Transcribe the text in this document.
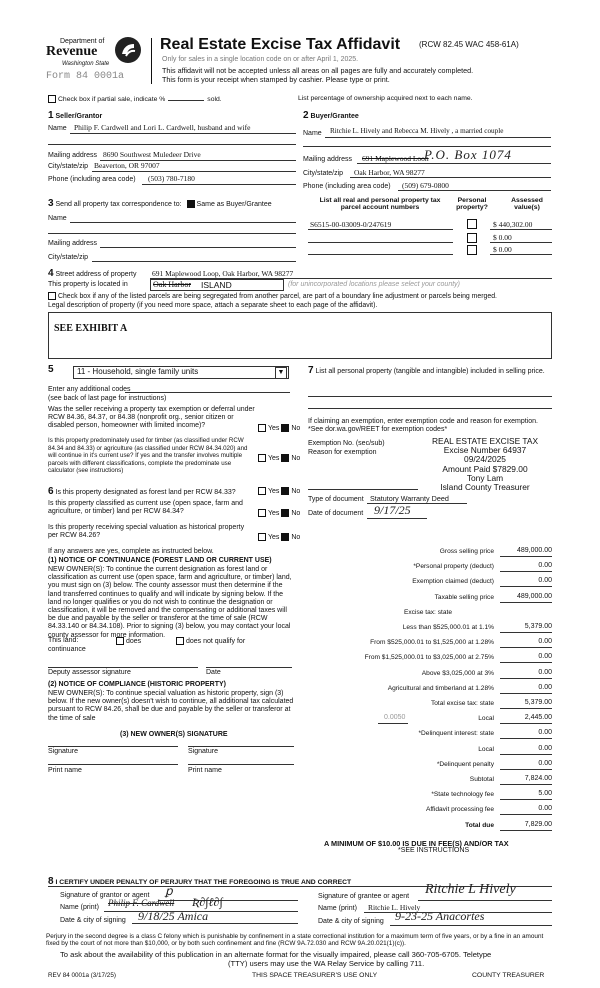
Department of
Revenue
Washington State
Form 84 0001a
Real Estate Excise Tax Affidavit (RCW 82.45 WAC 458-61A)
Only for sales in a single location code on or after April 1, 2025.
This affidavit will not be accepted unless all areas on all pages are fully and accurately completed.
This form is your receipt when stamped by cashier. Please type or print.
Check box if partial sale, indicate %	sold.	List percentage of ownership acquired next to each name.
1 Seller/Grantor
Name Philip F. Cardwell and Lori L. Cardwell, husband and wife
Mailing address 8690 Southwest Muledeer Drive
City/state/zip Beaverton, OR 97007
Phone (including area code) (503) 780-7180
2 Buyer/Grantee
Name Ritchie L. Hively and Rebecca M. Hively , a married couple
Mailing address 691 Maplewood Loon
P.O. Box 1074
City/state/zip Oak Harbor, WA 98277
Phone (including area code) (509) 679-0800
3 Send all property tax correspondence to: Same as Buyer/Grantee
Name
Mailing address
City/state/zip
List all real and personal property tax parcel account numbers
Personal property?
Assessed value(s)
S6515-00-03009-0/247619	$ 440,302.00
$ 0.00
$ 0.00
4 Street address of property 691 Maplewood Loop, Oak Harbor, WA 98277
This property is located in	Oak Harbor ISLAND	(for unincorporated locations please select your county)
Check box if any of the listed parcels are being segregated from another parcel, are part of a boundary line adjustment or parcels being merged.
Legal description of property (if you need more space, attach a separate sheet to each page of the affidavit).
SEE EXHIBIT A
5	11 - Household, single family units	▼
Enter any additional codes
(see back of last page for instructions)
Was the seller receiving a property tax exemption or deferral under RCW 84.36, 84.37, or 84.38 (nonprofit org., senior citizen or disabled person, homeowner with limited income)?	Yes No
Is this property predominately used for timber (as classified under RCW 84.34 and 84.33) or agriculture (as classified under RCW 84.34.020) and will continue in it's current use? If yes and the transfer involves multiple parcels with different classifications, complete the predominate use calculator (see instructions)
Yes No
6 Is this property designated as forest land per RCW 84.33?	Yes No
Is this property classified as current use (open space, farm and agriculture, or timber) land per RCW 84.34?	Yes No
Is this property receiving special valuation as historical property per RCW 84.26?	Yes No
If any answers are yes, complete as instructed below.
(1) NOTICE OF CONTINUANCE (FOREST LAND OR CURRENT USE)
NEW OWNER(S): To continue the current designation as forest land or classification as current use (open space, farm and agriculture, or timber) land, you must sign on (3) below. The county assessor must then determine if the land transferred continues to qualify and will indicate by signing below. If the land no longer qualifies or you do not wish to continue the designation or classification, it will be removed and the compensating or additional taxes will be due and payable by the seller or transferor at the time of sale (RCW 84.33.140 or 84.34.108). Prior to signing (3) below, you may contact your local county assessor for more information.
This land:
continuance
does	does not qualify for
Deputy assessor signature	Date
(2) NOTICE OF COMPLIANCE (HISTORIC PROPERTY)
NEW OWNER(S): To continue special valuation as historic property, sign (3) below. If the new owner(s) doesn't wish to continue, all additional tax calculated pursuant to RCW 84.26, shall be due and payable by the seller or transferor at the time of sale
(3) NEW OWNER(S) SIGNATURE
Signature	Signature
Print name	Print name
7 List all personal property (tangible and intangible) included in selling price.
If claiming an exemption, enter exemption code and reason for exemption. *See dor.wa.gov/REET for exemption codes*
Exemption No. (sec/sub)
Reason for exemption
REAL ESTATE EXCISE TAX
Excise Number 64937
09/24/2025
Amount Paid $7829.00
Tony Lam
Island County Treasurer
Type of document Statutory Warranty Deed
Date of document 9/17/25
Gross selling price	489,000.00
*Personal property (deduct)	0.00
Exemption claimed (deduct)	0.00
Taxable selling price	489,000.00
Excise tax: state
Less than $525,000.01 at 1.1%	5,379.00
From $525,000.01 to $1,525,000 at 1.28%	0.00
From $1,525,000.01 to $3,025,000 at 2.75%	0.00
Above $3,025,000 at 3%	0.00
Agricultural and timberland at 1.28%	0.00
Total excise tax: state	5,379.00
Local	2,445.00
*Delinquent interest: state	0.00
Local	0.00
*Delinquent penalty	0.00
Subtotal	7,824.00
*State technology fee	5.00
Affidavit processing fee	0.00
Total due	7,829.00
0.0050
A MINIMUM OF $10.00 IS DUE IN FEE(S) AND/OR TAX
*SEE INSTRUCTIONS
8 I CERTIFY UNDER PENALTY OF PERJURY THAT THE FOREGOING IS TRUE AND CORRECT
Signature of grantor or agent ꝑ
Name (print) Philip F. Cardwell Ʀ∂∫ℓ∂∫
Date & city of signing 9/18/25 Amica
Signature of grantee or agent Ritchie L Hively
Name (print) Ritchie L. Hively
Date & city of signing 9-23-25 Anacortes
Perjury in the second degree is a class C felony which is punishable by confinement in a state correctional institution for a maximum term of five years, or by a fine in an amount fixed by the court of not more than $10,000, or by both such confinement and fine (RCW 9A.72.030 and RCW 9A.20.021(1)(c)).
To ask about the availability of this publication in an alternate format for the visually impaired, please call 360-705-6705. Teletype
(TTY) users may use the WA Relay Service by calling 711.
REV 84 0001a (3/17/25)	THIS SPACE TREASURER'S USE ONLY	COUNTY TREASURER
